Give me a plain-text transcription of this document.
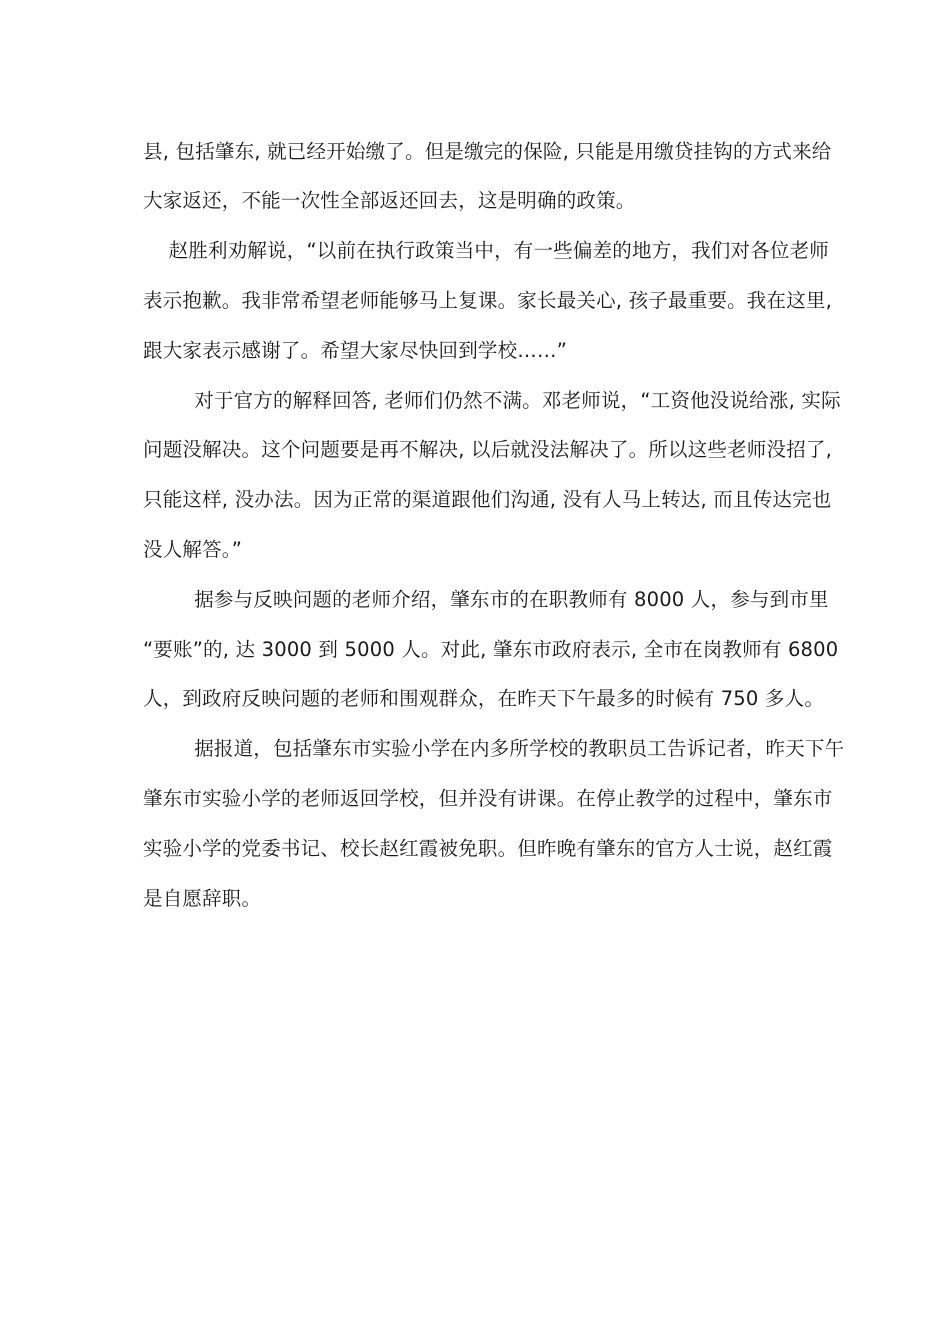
县, 包括肇东, 就已经开始缴了。但是缴完的保险, 只能是用缴贷挂钩的方式来给
大家返还，不能一次性全部返还回去，这是明确的政策。
赵胜利劝解说，“以前在执行政策当中，有一些偏差的地方，我们对各位老师
表示抱歉。我非常希望老师能够马上复课。家长最关心, 孩子最重要。我在这里,
跟大家表示感谢了。希望大家尽快回到学校……”
对于官方的解释回答, 老师们仍然不满。邓老师说，“工资他没说给涨, 实际
问题没解决。这个问题要是再不解决, 以后就没法解决了。所以这些老师没招了,
只能这样, 没办法。因为正常的渠道跟他们沟通, 没有人马上转达, 而且传达完也
没人解答。”
据参与反映问题的老师介绍，肇东市的在职教师有 8000 人，参与到市里
“要账”的, 达 3000 到 5000 人。对此, 肇东市政府表示, 全市在岗教师有 6800
人，到政府反映问题的老师和围观群众，在昨天下午最多的时候有 750 多人。
据报道，包括肇东市实验小学在内多所学校的教职员工告诉记者，昨天下午
肇东市实验小学的老师返回学校，但并没有讲课。在停止教学的过程中，肇东市
实验小学的党委书记、校长赵红霞被免职。但昨晚有肇东的官方人士说，赵红霞
是自愿辞职。
